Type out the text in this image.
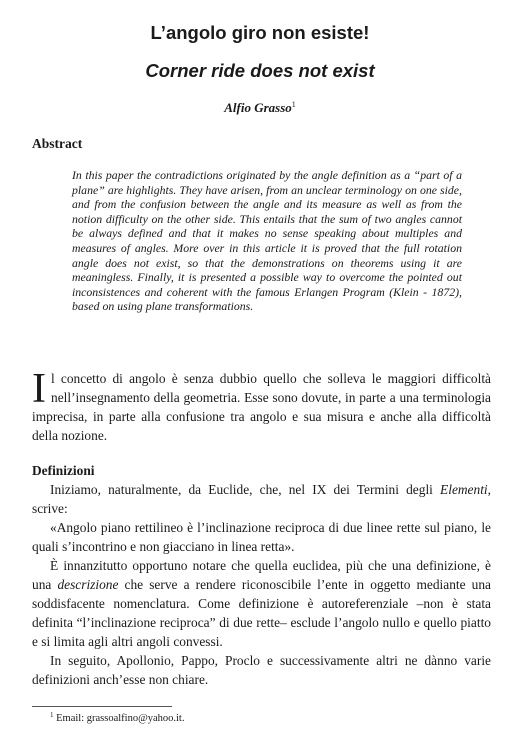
L’angolo giro non esiste!
Corner ride does not exist
Alfio Grasso$^1$
Abstract

In this paper the contradictions originated by the angle definition as a “part of a plane” are highlights. They have arisen, from an unclear terminology on one side, and from the confusion between the angle and its measure as well as from the notion difficulty on the other side. This entails that the sum of two angles cannot be always defined and that it makes no sense speaking about multiples and measures of angles. More over in this article it is proved that the full rotation angle does not exist, so that the demonstrations on theorems using it are meaningless. Finally, it is presented a possible way to overcome the pointed out inconsistences and coherent with the famous Erlangen Program (Klein - 1872), based on using plane transformations.

I l concetto di angolo è senza dubbio quello che solleva le maggiori difficoltà nell’insegnamento della geometria. Esse sono dovute, in parte a una terminologia imprecisa, in parte alla confusione tra angolo e sua misura e anche alla difficoltà della nozione.

Definizioni

Iniziamo, naturalmente, da Euclide, che, nel IX dei Termini degli Elementi, scrive:

«Angolo piano rettilineo è l’inclinazione reciproca di due linee rette sul piano, le quali s’incontrino e non giacciano in linea retta».

È innanzitutto opportuno notare che quella euclidea, più che una definizione, è una descrizione che serve a rendere riconoscibile l’ente in oggetto mediante una soddisfacente nomenclatura. Come definizione è autoreferenziale –non è stata definita “l’inclinazione reciproca” di due rette– esclude l’angolo nullo e quello piatto e si limita agli altri angoli convessi.

In seguito, Apollonio, Pappo, Proclo e successivamente altri ne dànno varie definizioni anch’esse non chiare.

$^1$ Email: grassoalfino@yahoo.it.
